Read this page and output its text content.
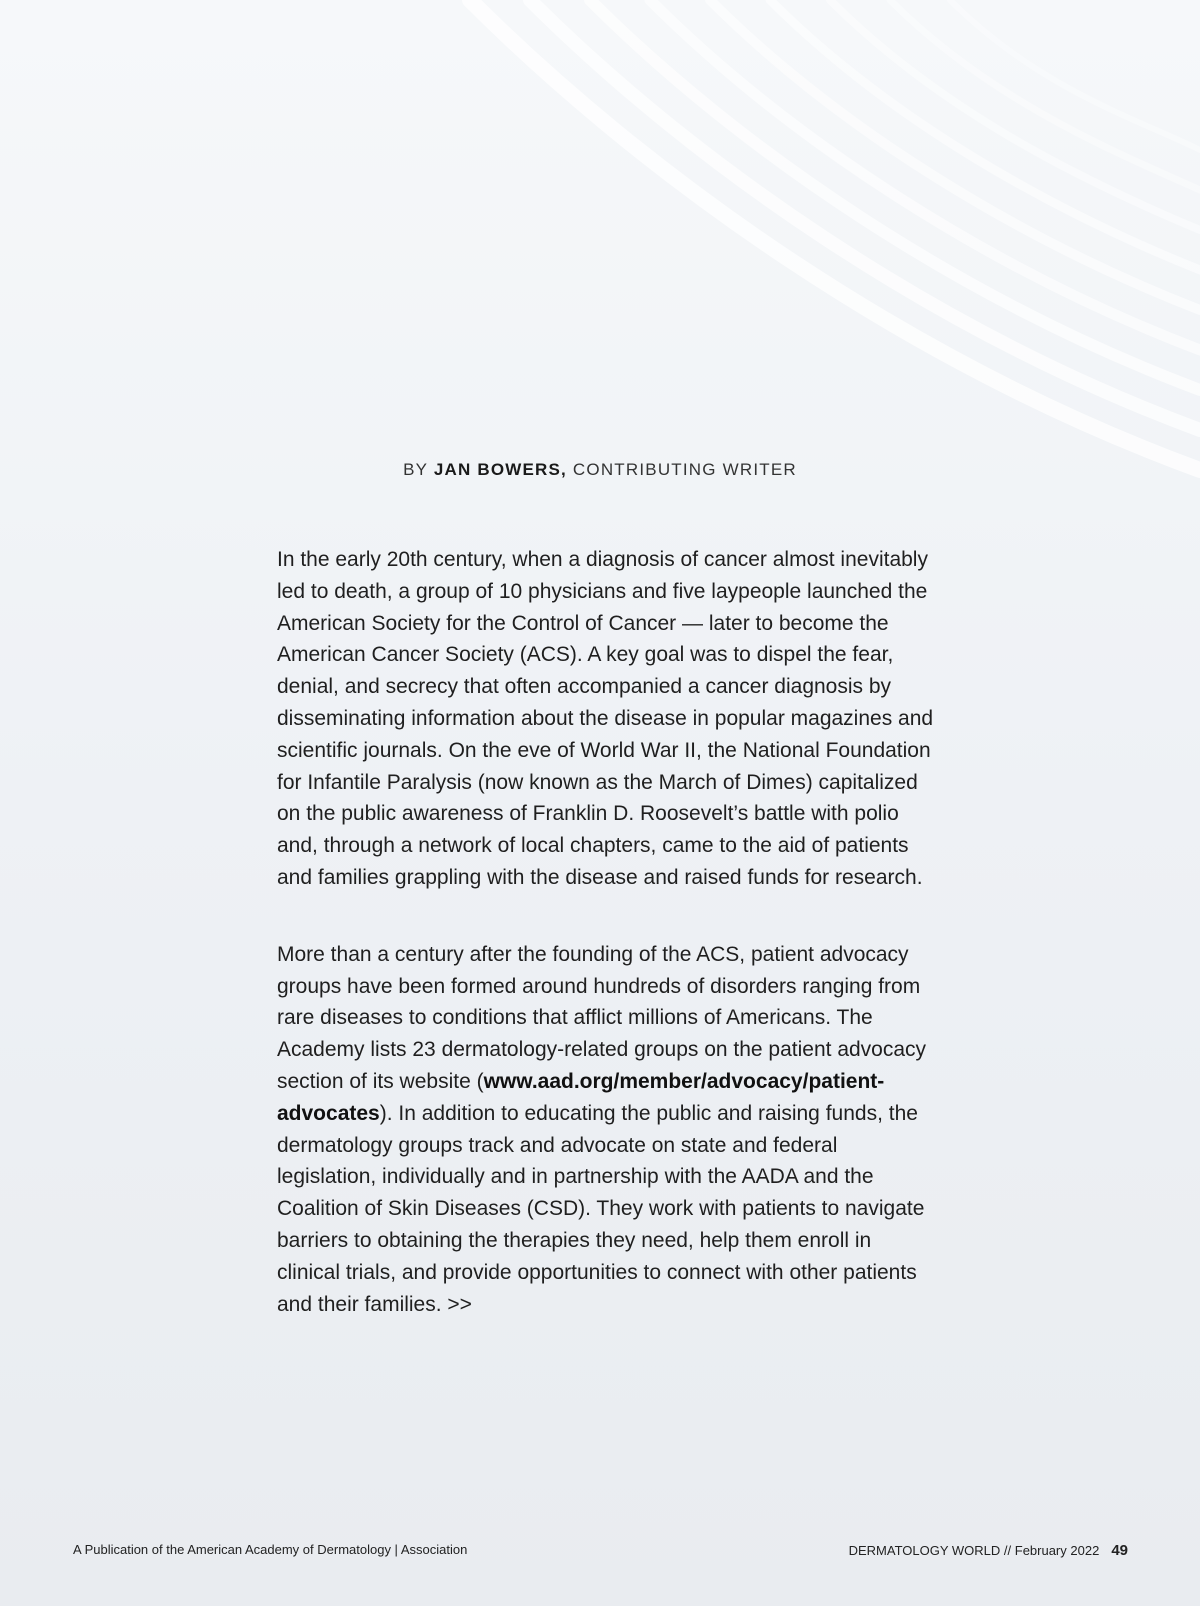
BY JAN BOWERS, CONTRIBUTING WRITER

In the early 20th century, when a diagnosis of cancer almost inevitably led to death, a group of 10 physicians and five laypeople launched the American Society for the Control of Cancer — later to become the American Cancer Society (ACS). A key goal was to dispel the fear, denial, and secrecy that often accompanied a cancer diagnosis by disseminating information about the disease in popular magazines and scientific journals. On the eve of World War II, the National Foundation for Infantile Paralysis (now known as the March of Dimes) capitalized on the public awareness of Franklin D. Roosevelt’s battle with polio and, through a network of local chapters, came to the aid of patients and families grappling with the disease and raised funds for research.

More than a century after the founding of the ACS, patient advocacy groups have been formed around hundreds of disorders ranging from rare diseases to conditions that afflict millions of Americans. The Academy lists 23 dermatology-related groups on the patient advocacy section of its website (www.aad.org/member/advocacy/patient-advocates). In addition to educating the public and raising funds, the dermatology groups track and advocate on state and federal legislation, individually and in partnership with the AADA and the Coalition of Skin Diseases (CSD). They work with patients to navigate barriers to obtaining the therapies they need, help them enroll in clinical trials, and provide opportunities to connect with other patients and their families. >>

A Publication of the American Academy of Dermatology | Association	DERMATOLOGY WORLD // February 2022 49
